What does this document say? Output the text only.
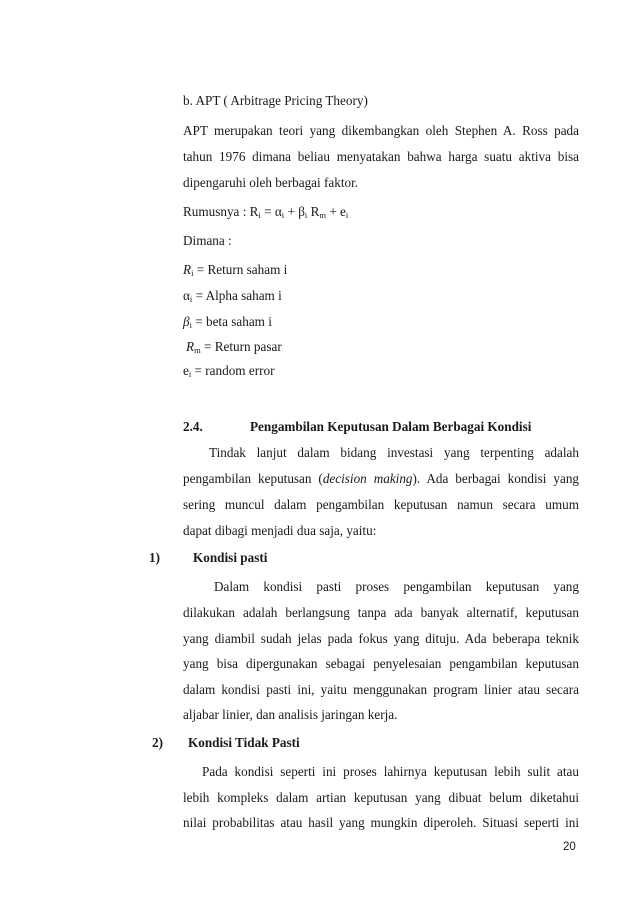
b. APT ( Arbitrage Pricing Theory)
APT merupakan teori yang dikembangkan oleh Stephen A. Ross pada
tahun 1976 dimana beliau menyatakan bahwa harga suatu aktiva bisa
dipengaruhi oleh berbagai faktor.
Rumusnya : $R_i = \alpha_i + \beta_i$ $R_m + e_i$
Dimana :
$R_i$ = Return saham i
$\alpha_i$ = Alpha saham i
$\beta_i$ = beta saham i
$R_m$ = Return pasar
$e_i$ = random error
2.4.	Pengambilan Keputusan Dalam Berbagai Kondisi
Tindak lanjut dalam bidang investasi yang terpenting adalah
pengambilan keputusan (decision making). Ada berbagai kondisi yang
sering muncul dalam pengambilan keputusan namun secara umum
dapat dibagi menjadi dua saja, yaitu:
1)	Kondisi pasti
Dalam kondisi pasti proses pengambilan keputusan yang
dilakukan adalah berlangsung tanpa ada banyak alternatif, keputusan
yang diambil sudah jelas pada fokus yang dituju. Ada beberapa teknik
yang bisa dipergunakan sebagai penyelesaian pengambilan keputusan
dalam kondisi pasti ini, yaitu menggunakan program linier atau secara
aljabar linier, dan analisis jaringan kerja.
2) Kondisi Tidak Pasti
Pada kondisi seperti ini proses lahirnya keputusan lebih sulit atau
lebih kompleks dalam artian keputusan yang dibuat belum diketahui
nilai probabilitas atau hasil yang mungkin diperoleh. Situasi seperti ini
20
